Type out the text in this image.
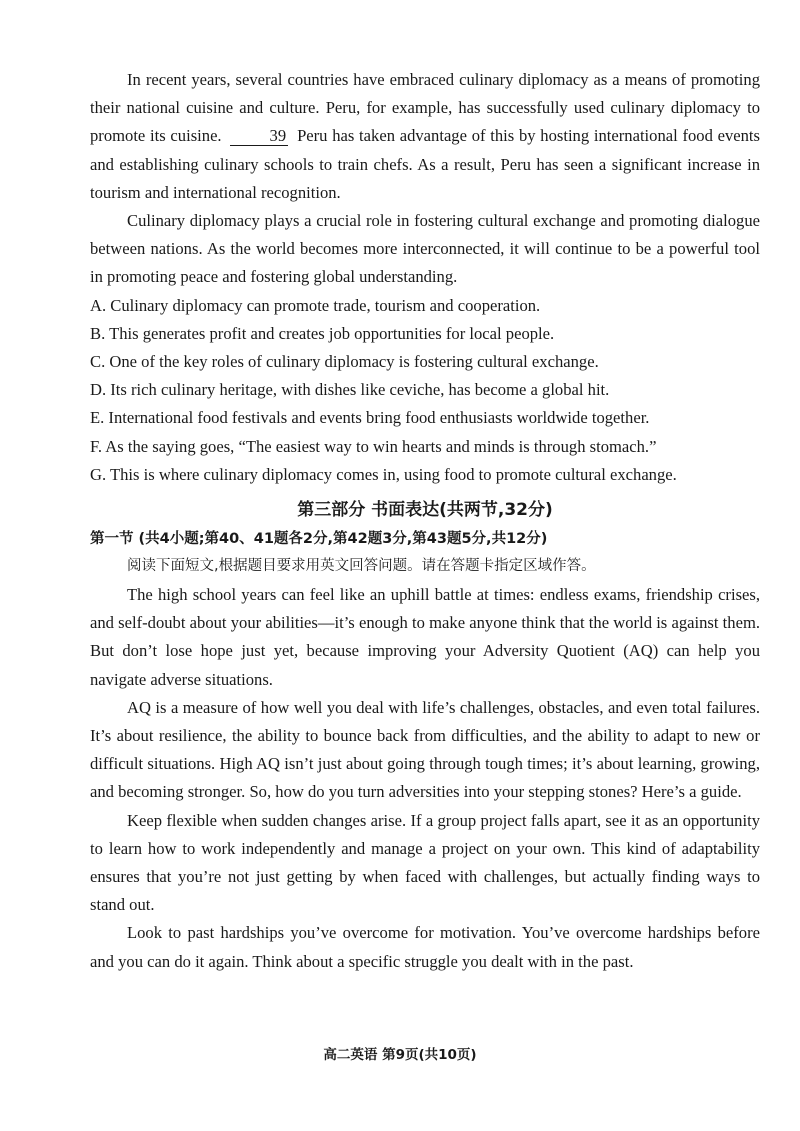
In recent years, several countries have embraced culinary diplomacy as a means of promoting their national cuisine and culture. Peru, for example, has successfully used culinary diplomacy to promote its cuisine.	39 Peru has taken advantage of this by hosting international food events and establishing culinary schools to train chefs. As a result, Peru has seen a significant increase in tourism and international recognition.

Culinary diplomacy plays a crucial role in fostering cultural exchange and promoting dialogue between nations. As the world becomes more interconnected, it will continue to be a powerful tool in promoting peace and fostering global understanding.

A. Culinary diplomacy can promote trade, tourism and cooperation.
B. This generates profit and creates job opportunities for local people.
C. One of the key roles of culinary diplomacy is fostering cultural exchange.
D. Its rich culinary heritage, with dishes like ceviche, has become a global hit.
E. International food festivals and events bring food enthusiasts worldwide together.
F. As the saying goes, “The easiest way to win hearts and minds is through stomach.”
G. This is where culinary diplomacy comes in, using food to promote cultural exchange.
第三部分 书面表达(共两节,32分)
第一节 (共4小题;第40、41题各2分,第42题3分,第43题5分,共12分)
阅读下面短文,根据题目要求用英文回答问题。请在答题卡指定区域作答。

The high school years can feel like an uphill battle at times: endless exams, friendship crises, and self-doubt about your abilities—it’s enough to make anyone think that the world is against them. But don’t lose hope just yet, because improving your Adversity Quotient (AQ) can help you navigate adverse situations.

AQ is a measure of how well you deal with life’s challenges, obstacles, and even total failures. It’s about resilience, the ability to bounce back from difficulties, and the ability to adapt to new or difficult situations. High AQ isn’t just about going through tough times; it’s about learning, growing, and becoming stronger. So, how do you turn adversities into your stepping stones? Here’s a guide.

Keep flexible when sudden changes arise. If a group project falls apart, see it as an opportunity to learn how to work independently and manage a project on your own. This kind of adaptability ensures that you’re not just getting by when faced with challenges, but actually finding ways to stand out.

Look to past hardships you’ve overcome for motivation. You’ve overcome hardships before and you can do it again. Think about a specific struggle you dealt with in the past.

高二英语 第9页(共10页)
